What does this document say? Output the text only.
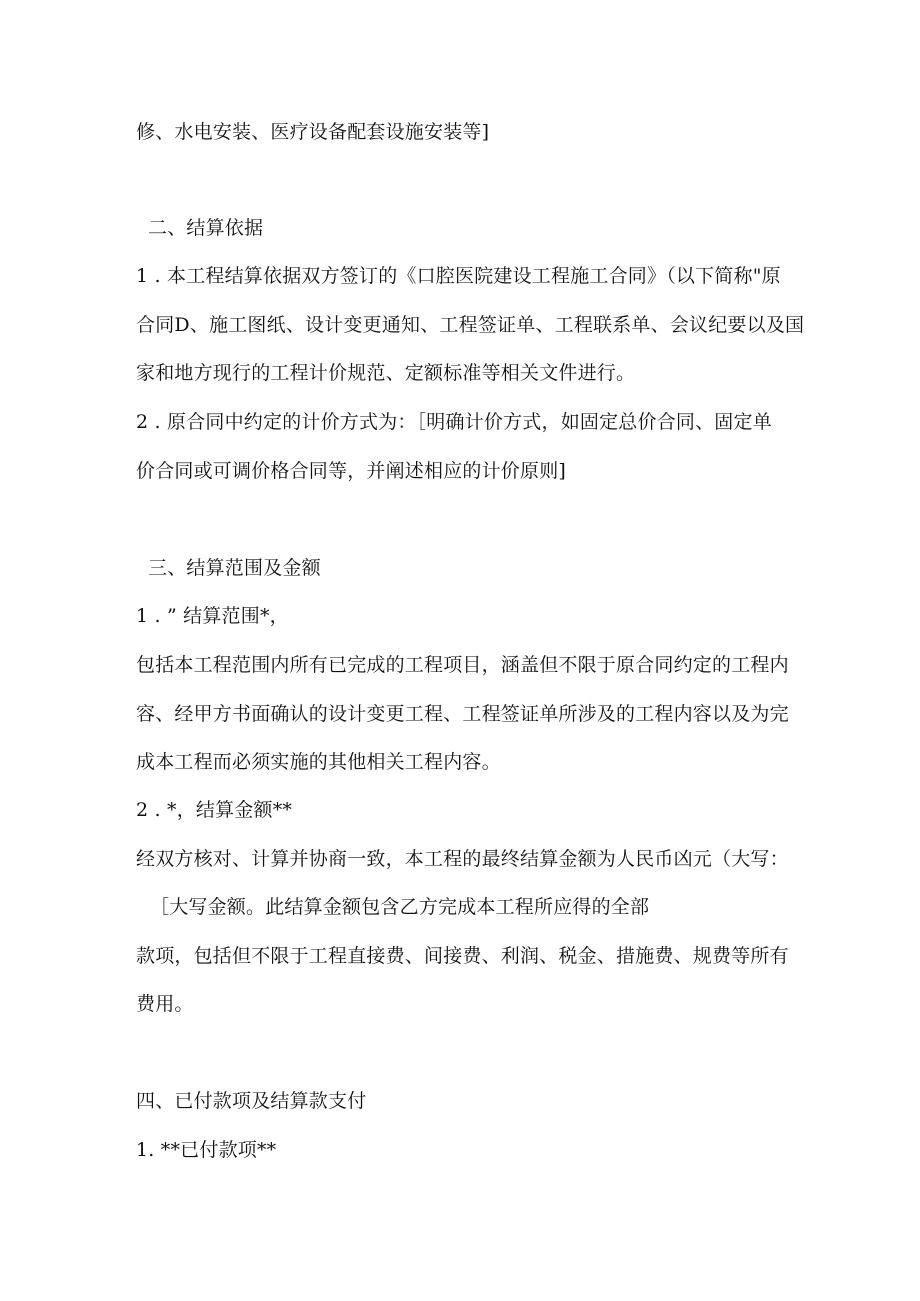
修、水电安装、医疗设备配套设施安装等]
二、结算依据
1 . 本工程结算依据双方签订的《口腔医院建设工程施工合同》（以下简称"原
合同D、施工图纸、设计变更通知、工程签证单、工程联系单、会议纪要以及国
家和地方现行的工程计价规范、定额标准等相关文件进行。
2 . 原合同中约定的计价方式为：［明确计价方式，如固定总价合同、固定单
价合同或可调价格合同等，并阐述相应的计价原则]
三、结算范围及金额
1 . ” 结算范围*，
包括本工程范围内所有已完成的工程项目，涵盖但不限于原合同约定的工程内
容、经甲方书面确认的设计变更工程、工程签证单所涉及的工程内容以及为完
成本工程而必须实施的其他相关工程内容。
2 . *，结算金额**
经双方核对、计算并协商一致，本工程的最终结算金额为人民币凶元（大写：
［大写金额。此结算金额包含乙方完成本工程所应得的全部
款项，包括但不限于工程直接费、间接费、利润、税金、措施费、规费等所有
费用。
四、已付款项及结算款支付
1. **已付款项**
